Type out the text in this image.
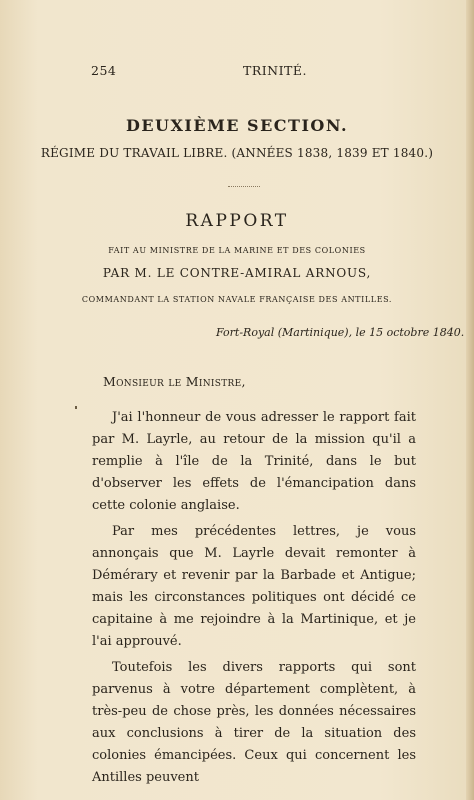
254	TRINITÉ.
DEUXIÈME SECTION.
RÉGIME DU TRAVAIL LIBRE. (ANNÉES 1838, 1839 ET 1840.)
RAPPORT
FAIT AU MINISTRE DE LA MARINE ET DES COLONIES
PAR M. LE CONTRE-AMIRAL ARNOUS,
COMMANDANT LA STATION NAVALE FRANÇAISE DES ANTILLES.
Fort-Royal (Martinique), le 15 octobre 1840.
Monsieur le Ministre,

J'ai l'honneur de vous adresser le rapport fait par M. Layrle, au retour de la mission qu'il a remplie à l'île de la Trinité, dans le but d'observer les effets de l'émancipation dans cette colonie anglaise.

Par mes précédentes lettres, je vous annonçais que M. Layrle devait remonter à Démérary et revenir par la Barbade et Antigue; mais les circonstances politiques ont décidé ce capitaine à me rejoindre à la Martinique, et je l'ai approuvé.

Toutefois les divers rapports qui sont parvenus à votre département complètent, à très-peu de chose près, les données nécessaires aux conclusions à tirer de la situation des colonies émancipées. Ceux qui concernent les Antilles peuvent
